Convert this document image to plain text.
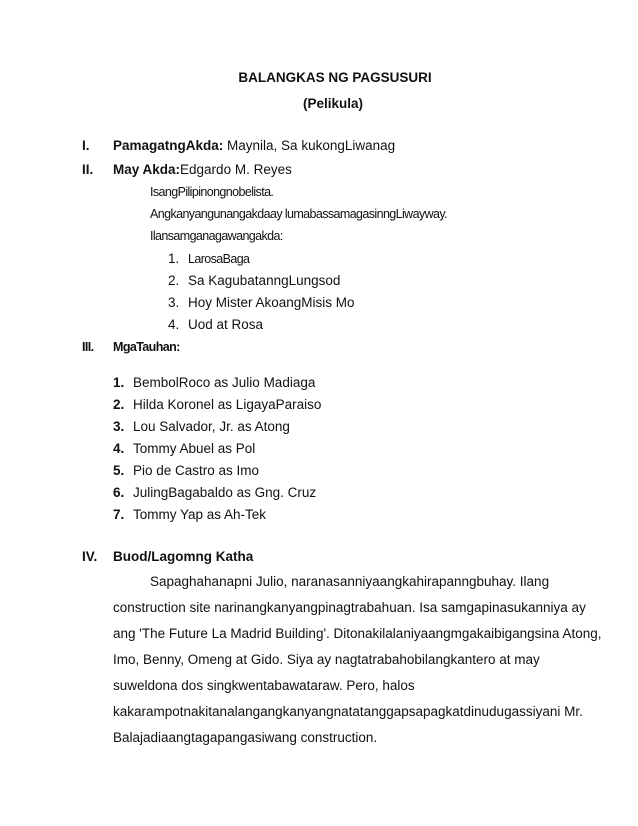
BALANGKAS NG PAGSUSURI
(Pelikula)
I. PamagatngAkda: Maynila, Sa kukongLiwanag
II. May Akda:Edgardo M. Reyes
IsangPilipinongnobelista.
Angkanyangunangakdaay lumabassamagasinngLiwayway.
Ilansamganagawangakda:
1. LarosaBaga
2. Sa KagubatanngLungsod
3. Hoy Mister AkoangMisis Mo
4. Uod at Rosa
III. MgaTauhan:
1. BembolRoco as Julio Madiaga
2. Hilda Koronel as LigayaParaiso
3. Lou Salvador, Jr. as Atong
4. Tommy Abuel as Pol
5. Pio de Castro as Imo
6. JulingBagabaldo as Gng. Cruz
7. Tommy Yap as Ah-Tek
IV. Buod/Lagomng Katha
Sapaghahanapni Julio, naranasanniyaangkahirapanngbuhay. Ilang
construction site narinangkanyangpinagtrabahuan. Isa samgapinasukanniya ay
ang 'The Future La Madrid Building'. Ditonakilalaniyaangmgakaibigangsina Atong,
Imo, Benny, Omeng at Gido. Siya ay nagtatrabahobilangkantero at may
suweldona dos singkwentabawataraw. Pero, halos
kakarampotnakitanalangangkanyangnatatanggapsapagkatdinudugassiyani Mr.
Balajadiaangtagapangasiwang construction.
